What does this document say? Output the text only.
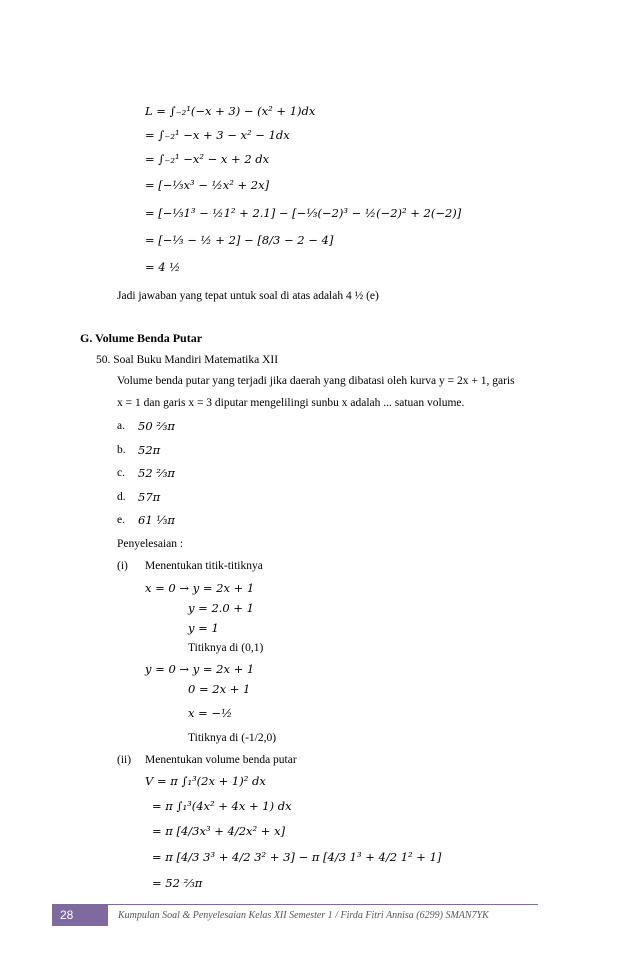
L = ∫₋₂¹(−x + 3) − (x² + 1)dx
= ∫₋₂¹ −x + 3 − x² − 1dx
= ∫₋₂¹ −x² − x + 2 dx
= [−⅓x³ − ½x² + 2x]
= [−⅓1³ − ½1² + 2.1] − [−⅓(−2)³ − ½(−2)² + 2(−2)]
= [−⅓ − ½ + 2] − [8/3 − 2 − 4]
= 4 ½
Jadi jawaban yang tepat untuk soal di atas adalah 4 ½ (e)
G. Volume Benda Putar
50. Soal Buku Mandiri Matematika XII
Volume benda putar yang terjadi jika daerah yang dibatasi oleh kurva y = 2x + 1, garis
x = 1 dan garis x = 3 diputar mengelilingi sunbu x adalah ... satuan volume.
a. 50 ⅔π
b. 52π
c. 52 ⅔π
d. 57π
e. 61 ⅓π
Penyelesaian :
(i) Menentukan titik-titiknya
x = 0 → y = 2x + 1
y = 2.0 + 1
y = 1
Titiknya di (0,1)
y = 0 → y = 2x + 1
0 = 2x + 1
x = −½
Titiknya di (-1/2,0)
(ii) Menentukan volume benda putar
V = π ∫₁³(2x + 1)² dx
= π ∫₁³(4x² + 4x + 1) dx
= π [4/3x³ + 4/2x² + x]
= π [4/3 3³ + 4/2 3² + 3] − π [4/3 1³ + 4/2 1² + 1]
= 52 ⅔π
28	Kumpulan Soal & Penyelesaian Kelas XII Semester 1 / Firda Fitri Annisa (6299) SMAN7YK
